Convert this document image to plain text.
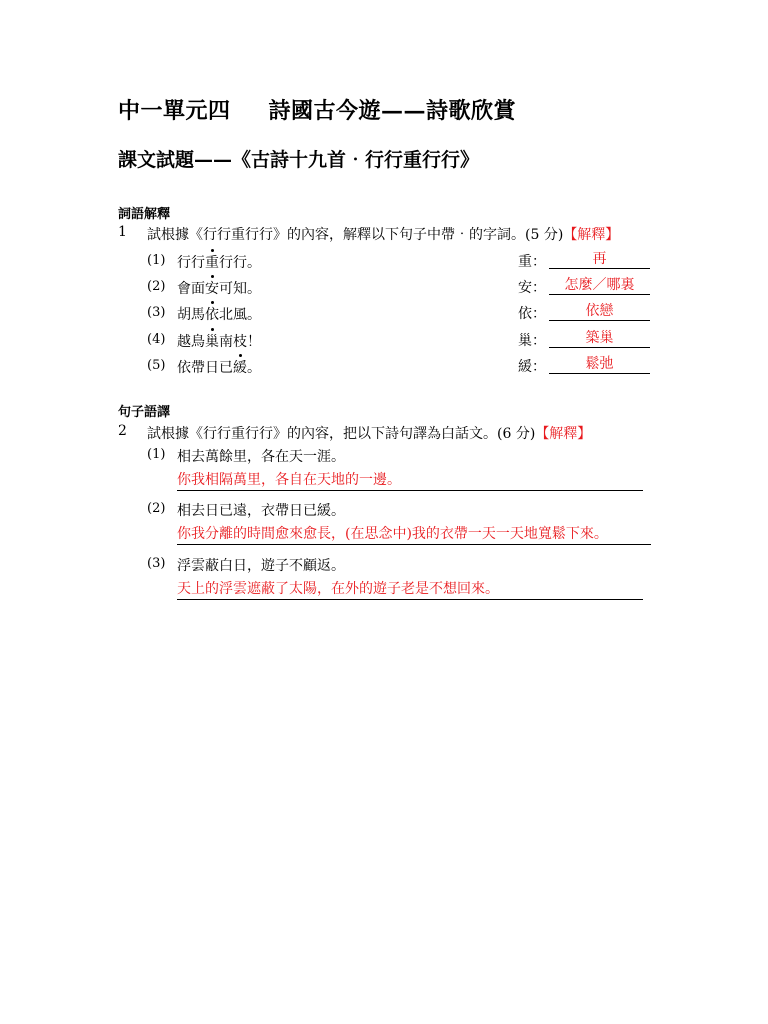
中一單元四 詩國古今遊——詩歌欣賞
課文試題——《古詩十九首‧行行重行行》
詞語解釋
1 試根據《行行重行行》的內容，解釋以下句子中帶‧的字詞。(5 分)【解釋】
(1) 行行重行行。	重：	再
(2) 會面安可知。	安：	怎麼／哪裏
(3) 胡馬依北風。	依：	依戀
(4) 越鳥巢南枝！	巢：	築巢
(5) 依帶日已緩。	緩：	鬆弛
句子語譯
2 試根據《行行重行行》的內容，把以下詩句譯為白話文。(6 分)【解釋】
(1) 相去萬餘里，各在天一涯。
你我相隔萬里，各自在天地的一邊。
(2) 相去日已遠，衣帶日已緩。
你我分離的時間愈來愈長，(在思念中)我的衣帶一天一天地寬鬆下來。
(3) 浮雲蔽白日，遊子不顧返。
天上的浮雲遮蔽了太陽，在外的遊子老是不想回來。
